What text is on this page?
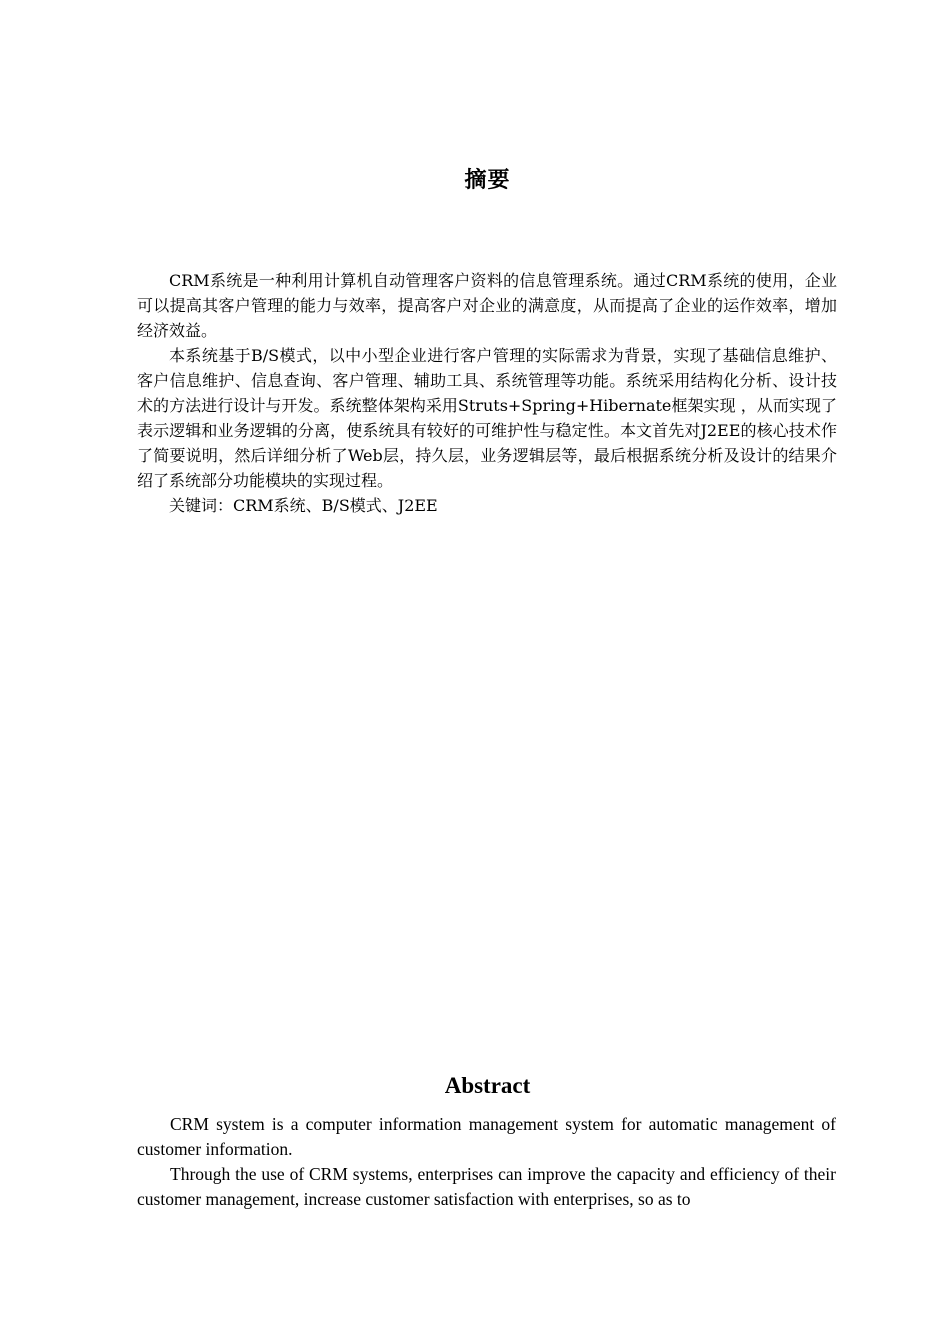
摘要

CRM系统是一种利用计算机自动管理客户资料的信息管理系统。通过CRM系统的使用，企业可以提高其客户管理的能力与效率，提高客户对企业的满意度，从而提高了企业的运作效率，增加经济效益。

本系统基于B/S模式，以中小型企业进行客户管理的实际需求为背景，实现了基础信息维护、客户信息维护、信息查询、客户管理、辅助工具、系统管理等功能。系统采用结构化分析、设计技术的方法进行设计与开发。系统整体架构采用Struts+Spring+Hibernate框架实现 ，从而实现了表示逻辑和业务逻辑的分离，使系统具有较好的可维护性与稳定性。本文首先对J2EE的核心技术作了简要说明，然后详细分析了Web层，持久层，业务逻辑层等，最后根据系统分析及设计的结果介绍了系统部分功能模块的实现过程。

关键词：CRM系统、B/S模式、J2EE

Abstract

CRM system is a computer information management system for automatic management of customer information.

Through the use of CRM systems, enterprises can improve the capacity and efficiency of their customer management, increase customer satisfaction with enterprises, so as to
